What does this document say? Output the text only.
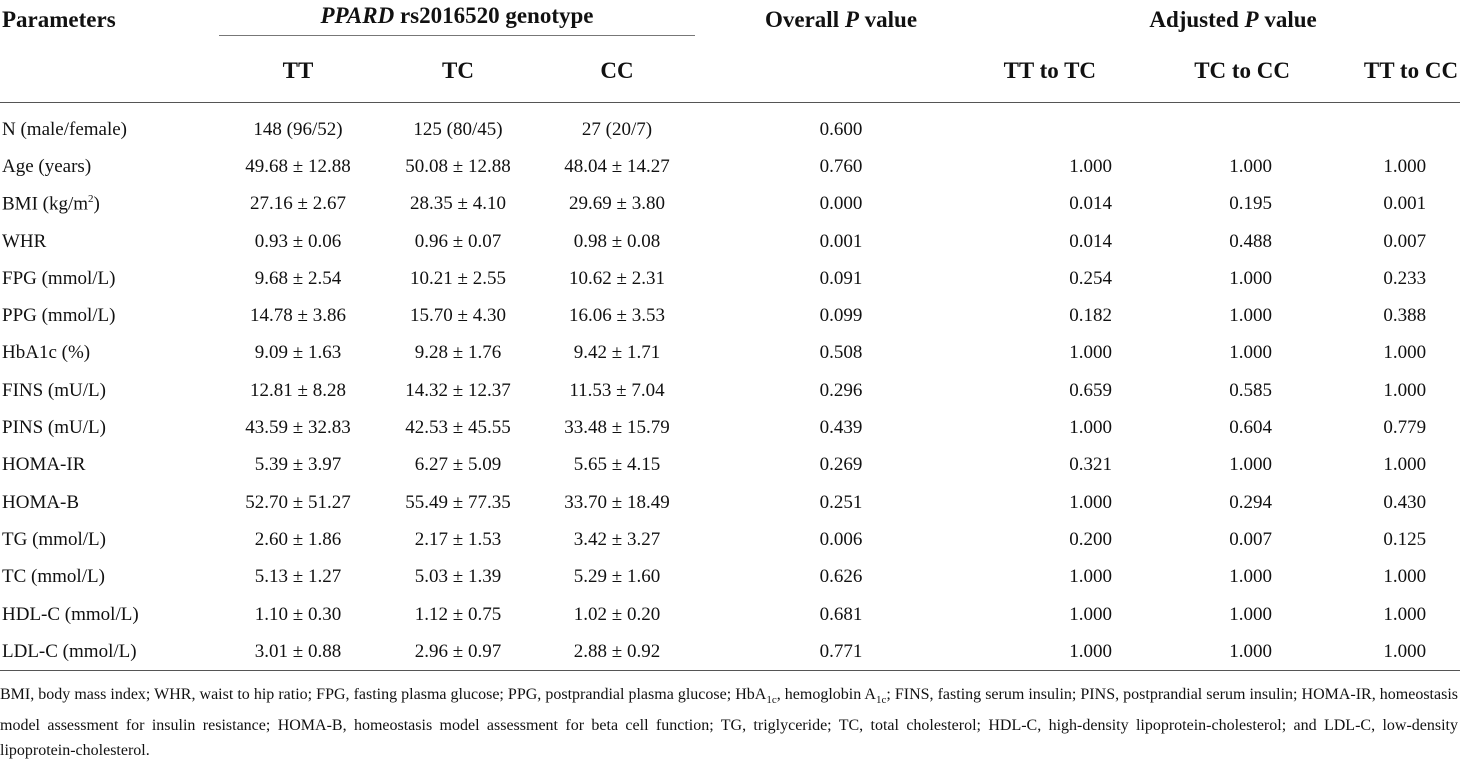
Parameters	PPARD rs2016520 genotype			Overall P value	Adjusted P value		
	TT	TC	CC		TT to TC	TC to CC	TT to CC

N (male/female)	148 (96/52)	125 (80/45)	27 (20/7)	0.600			
Age (years)	49.68 ± 12.88	50.08 ± 12.88	48.04 ± 14.27	0.760	1.000	1.000	1.000
BMI $(kg/m^2)$	27.16 ± 2.67	28.35 ± 4.10	29.69 ± 3.80	0.000	0.014	0.195	0.001
WHR	0.93 ± 0.06	0.96 ± 0.07	0.98 ± 0.08	0.001	0.014	0.488	0.007
FPG (mmol/L)	9.68 ± 2.54	10.21 ± 2.55	10.62 ± 2.31	0.091	0.254	1.000	0.233
PPG (mmol/L)	14.78 ± 3.86	15.70 ± 4.30	16.06 ± 3.53	0.099	0.182	1.000	0.388
HbA1c (%)	9.09 ± 1.63	9.28 ± 1.76	9.42 ± 1.71	0.508	1.000	1.000	1.000
FINS (mU/L)	12.81 ± 8.28	14.32 ± 12.37	11.53 ± 7.04	0.296	0.659	0.585	1.000
PINS (mU/L)	43.59 ± 32.83	42.53 ± 45.55	33.48 ± 15.79	0.439	1.000	0.604	0.779
HOMA-IR	5.39 ± 3.97	6.27 ± 5.09	5.65 ± 4.15	0.269	0.321	1.000	1.000
HOMA-B	52.70 ± 51.27	55.49 ± 77.35	33.70 ± 18.49	0.251	1.000	0.294	0.430
TG (mmol/L)	2.60 ± 1.86	2.17 ± 1.53	3.42 ± 3.27	0.006	0.200	0.007	0.125
TC (mmol/L)	5.13 ± 1.27	5.03 ± 1.39	5.29 ± 1.60	0.626	1.000	1.000	1.000
HDL-C (mmol/L)	1.10 ± 0.30	1.12 ± 0.75	1.02 ± 0.20	0.681	1.000	1.000	1.000
LDL-C (mmol/L)	3.01 ± 0.88	2.96 ± 0.97	2.88 ± 0.92	0.771	1.000	1.000	1.000
BMI, body mass index; WHR, waist to hip ratio; FPG, fasting plasma glucose; PPG, postprandial plasma glucose; HbA$_{1c}$, hemoglobin $A_{1c}$; FINS, fasting serum insulin; PINS, postprandial serum insulin; HOMA-IR, homeostasis model assessment for insulin resistance; HOMA-B, homeostasis model assessment for beta cell function; TG, triglyceride; TC, total cholesterol; HDL-C, high-density lipoprotein-cholesterol; and LDL-C, low-density lipoprotein-cholesterol.
